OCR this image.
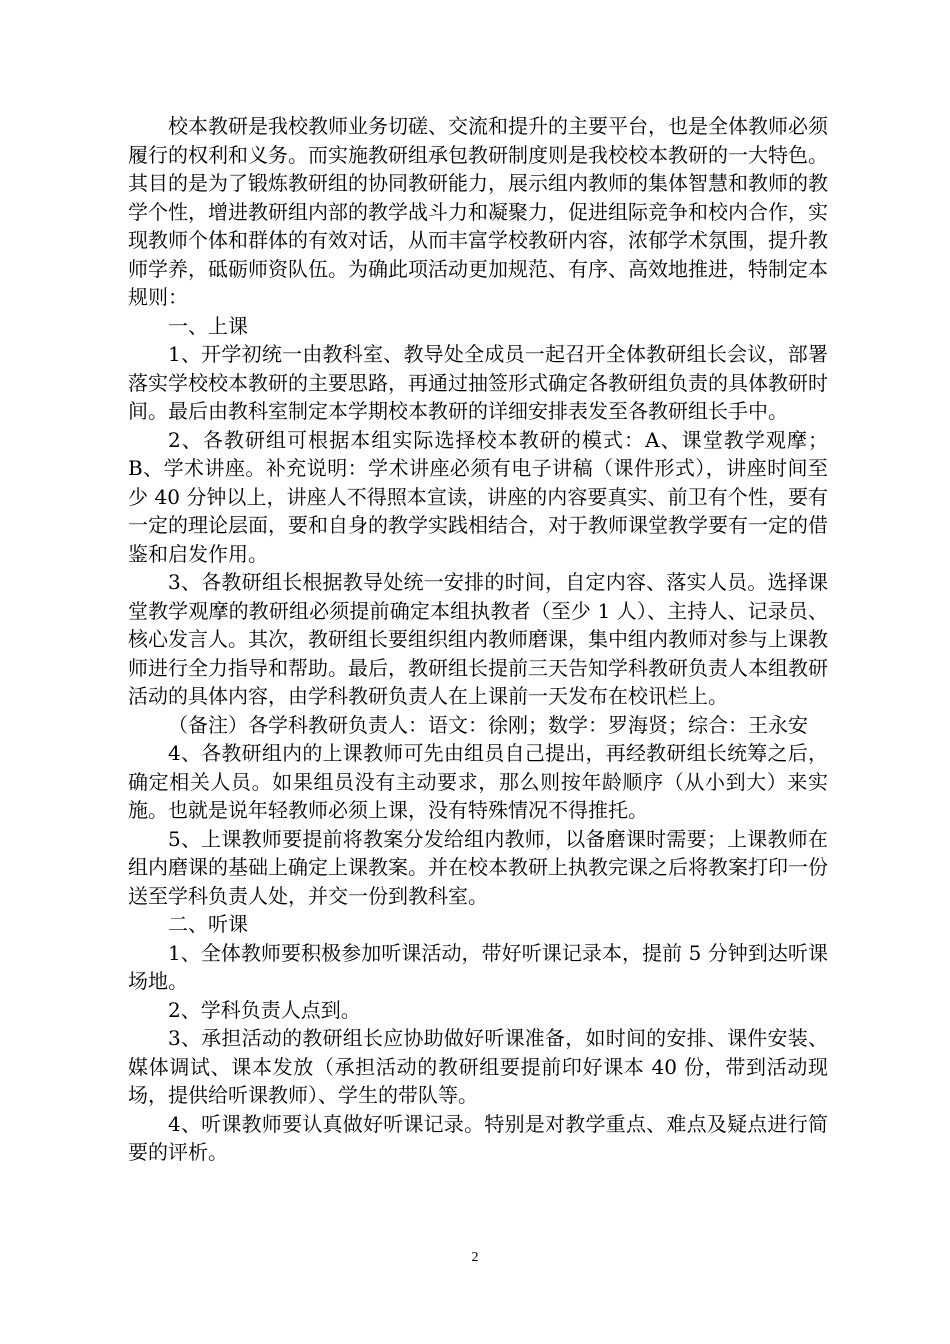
校本教研是我校教师业务切磋、交流和提升的主要平台，也是全体教师必须履行的权利和义务。而实施教研组承包教研制度则是我校校本教研的一大特色。其目的是为了锻炼教研组的协同教研能力，展示组内教师的集体智慧和教师的教学个性，增进教研组内部的教学战斗力和凝聚力，促进组际竞争和校内合作，实现教师个体和群体的有效对话，从而丰富学校教研内容，浓郁学术氛围，提升教师学养，砥砺师资队伍。为确此项活动更加规范、有序、高效地推进，特制定本规则：

一、上课

1、开学初统一由教科室、教导处全成员一起召开全体教研组长会议，部署落实学校校本教研的主要思路，再通过抽签形式确定各教研组负责的具体教研时间。最后由教科室制定本学期校本教研的详细安排表发至各教研组长手中。

2、各教研组可根据本组实际选择校本教研的模式：A、课堂教学观摩；B、学术讲座。补充说明：学术讲座必须有电子讲稿（课件形式），讲座时间至少 40 分钟以上，讲座人不得照本宣读，讲座的内容要真实、前卫有个性，要有一定的理论层面，要和自身的教学实践相结合，对于教师课堂教学要有一定的借鉴和启发作用。

3、各教研组长根据教导处统一安排的时间，自定内容、落实人员。选择课堂教学观摩的教研组必须提前确定本组执教者（至少 1 人）、主持人、记录员、核心发言人。其次，教研组长要组织组内教师磨课，集中组内教师对参与上课教师进行全力指导和帮助。最后，教研组长提前三天告知学科教研负责人本组教研活动的具体内容，由学科教研负责人在上课前一天发布在校讯栏上。

（备注）各学科教研负责人：语文：徐刚；数学：罗海贤；综合：王永安

4、各教研组内的上课教师可先由组员自己提出，再经教研组长统筹之后，确定相关人员。如果组员没有主动要求，那么则按年龄顺序（从小到大）来实施。也就是说年轻教师必须上课，没有特殊情况不得推托。

5、上课教师要提前将教案分发给组内教师，以备磨课时需要；上课教师在组内磨课的基础上确定上课教案。并在校本教研上执教完课之后将教案打印一份送至学科负责人处，并交一份到教科室。

二、听课

1、全体教师要积极参加听课活动，带好听课记录本，提前 5 分钟到达听课场地。

2、学科负责人点到。

3、承担活动的教研组长应协助做好听课准备，如时间的安排、课件安装、媒体调试、课本发放（承担活动的教研组要提前印好课本 40 份，带到活动现场，提供给听课教师）、学生的带队等。

4、听课教师要认真做好听课记录。特别是对教学重点、难点及疑点进行简要的评析。

2
